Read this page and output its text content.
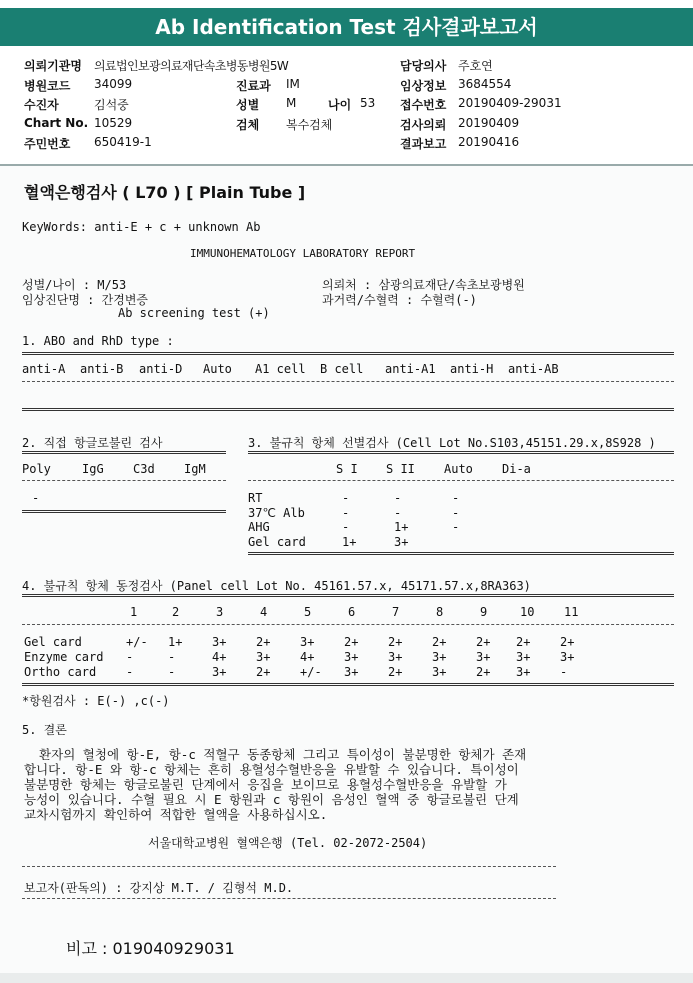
Ab Identification Test 검사결과보고서
의뢰기관명 의료법인보광의료재단속초병동병원5W	담당의사 주호연
병원코드 34099	진료과 IM	임상정보 3684554
수진자	김석중	성별 M	나이 53 접수번호 20190409-29031
Chart No. 10529	검체 복수검체	검사의뢰 20190409
주민번호 650419-1	결과보고 20190416
혈액은행검사 ( L70 ) [ Plain Tube ]
KeyWords: anti-E + c + unknown Ab
IMMUNOHEMATOLOGY LABORATORY REPORT
성별/나이 : M/53
임상진단명 : 간경변증
Ab screening test (+)
의뢰처 : 삼광의료재단/속초보광병원
과거력/수혈력 : 수혈력(-)
1. ABO and RhD type :
anti-A anti-B anti-D Auto A1 cell B cell anti-A1 anti-H anti-AB
2. 직접 항글로불린 검사
Poly	IgG C3d IgM
-
3. 불규칙 항체 선별검사 (Cell Lot No.S103,45151.29.x,8S928 )
S I S II Auto Di-a
RT	-	-	-
37℃ Alb	-	-	-
AHG	-	1+	-
Gel card	1+	3+
4. 불규칙 항체 동정검사 (Panel cell Lot No. 45161.57.x, 45171.57.x,8RA363)
1	2	3	4	5	6	7	8	9	10 11
Gel card	+/- 1+ 3+ 2+ 3+ 2+ 2+ 2+ 2+ 2+ 2+
Enzyme card -	-	4+ 3+ 4+ 3+ 3+ 3+ 3+ 3+ 3+
Ortho card -	-	3+ 2+ +/- 3+ 2+ 3+ 2+ 3+ -
*항원검사 : E(-) ,c(-)
5. 결론
환자의 혈청에 항-E, 항-c 적혈구 동종항체 그리고 특이성이 불분명한 항체가 존재
합니다. 항-E 와 항-c 항체는 흔히 용혈성수혈반응을 유발할 수 있습니다. 특이성이
불분명한 항체는 항글로불린 단계에서 응집을 보이므로 용혈성수혈반응을 유발할 가
능성이 있습니다. 수혈 필요 시 E 항원과 c 항원이 음성인 혈액 중 항글로불린 단계
교차시험까지 확인하여 적합한 혈액을 사용하십시오.
서울대학교병원 혈액은행 (Tel. 02-2072-2504)
보고자(판독의) : 강지상 M.T. / 김형석 M.D.
비고 : 019040929031
